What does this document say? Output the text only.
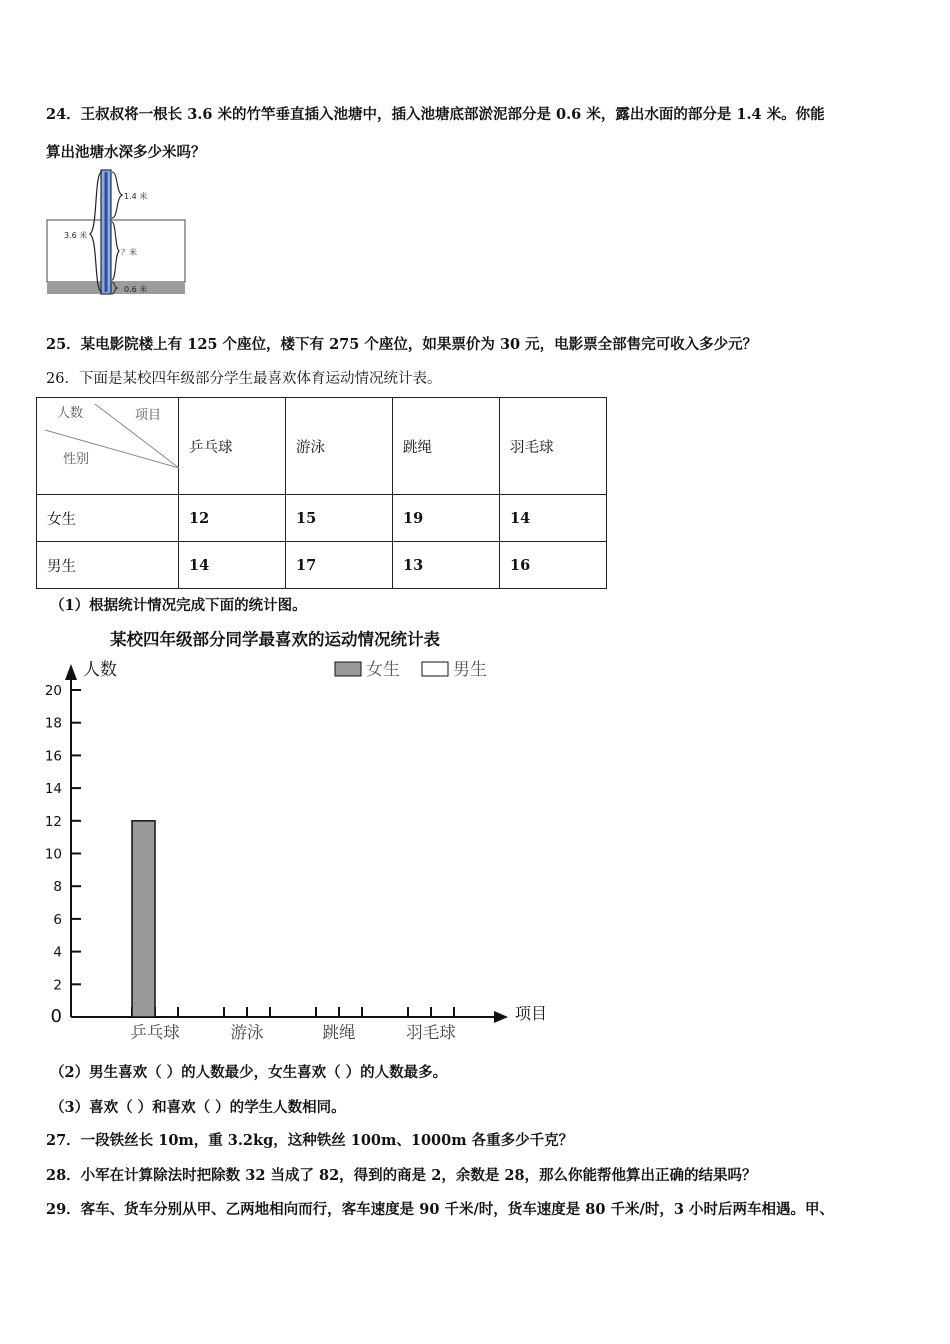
24．王叔叔将一根长 3.6 米的竹竿垂直插入池塘中，插入池塘底部淤泥部分是 0.6 米，露出水面的部分是 1.4 米。你能
算出池塘水深多少米吗？
3.6 米
1.4 米
？米
0.6 米
25．某电影院楼上有 125 个座位，楼下有 275 个座位，如果票价为 30 元，电影票全部售完可收入多少元？
26．下面是某校四年级部分学生最喜欢体育运动情况统计表。
人数 项目
性别	乒乓球	游泳	跳绳	羽毛球
女生	12	15	19	14
男生	14	17	13	16
（1）根据统计情况完成下面的统计图。
某校四年级部分同学最喜欢的运动情况统计表
人数
项目
女生	男生
0
2
4
6
8
10
12
14
16
18
20
乒乓球	游泳	跳绳	羽毛球
（2）男生喜欢（ ）的人数最少，女生喜欢（ ）的人数最多。
（3）喜欢（ ）和喜欢（ ）的学生人数相同。
27．一段铁丝长 10m，重 3.2kg，这种铁丝 100m、1000m 各重多少千克？
28．小军在计算除法时把除数 32 当成了 82，得到的商是 2，余数是 28，那么你能帮他算出正确的结果吗？
29．客车、货车分别从甲、乙两地相向而行，客车速度是 90 千米/时，货车速度是 80 千米/时，3 小时后两车相遇。甲、
